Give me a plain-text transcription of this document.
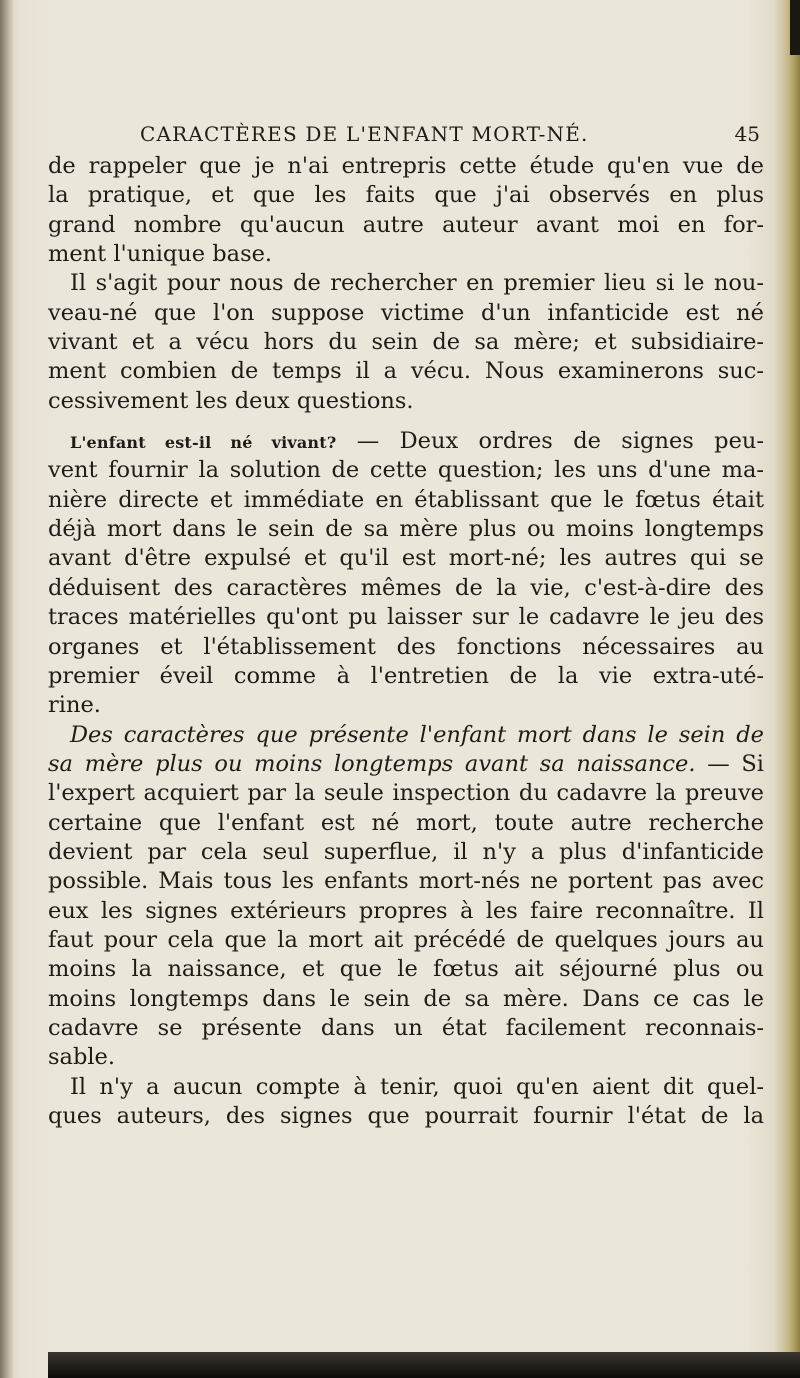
CARACTÈRES DE L'ENFANT MORT-NÉ.	45
de rappeler que je n'ai entrepris cette étude qu'en vue de
la pratique, et que les faits que j'ai observés en plus
grand nombre qu'aucun autre auteur avant moi en for-
ment l'unique base.
Il s'agit pour nous de rechercher en premier lieu si le nou-
veau-né que l'on suppose victime d'un infanticide est né
vivant et a vécu hors du sein de sa mère; et subsidiaire-
ment combien de temps il a vécu. Nous examinerons suc-
cessivement les deux questions.
L'enfant est-il né vivant? — Deux ordres de signes peu-
vent fournir la solution de cette question; les uns d'une ma-
nière directe et immédiate en établissant que le fœtus était
déjà mort dans le sein de sa mère plus ou moins longtemps
avant d'être expulsé et qu'il est mort-né; les autres qui se
déduisent des caractères mêmes de la vie, c'est-à-dire des
traces matérielles qu'ont pu laisser sur le cadavre le jeu des
organes et l'établissement des fonctions nécessaires au
premier éveil comme à l'entretien de la vie extra-uté-
rine.
Des caractères que présente l'enfant mort dans le sein de
sa mère plus ou moins longtemps avant sa naissance. — Si
l'expert acquiert par la seule inspection du cadavre la preuve
certaine que l'enfant est né mort, toute autre recherche
devient par cela seul superflue, il n'y a plus d'infanticide
possible. Mais tous les enfants mort-nés ne portent pas avec
eux les signes extérieurs propres à les faire reconnaître. Il
faut pour cela que la mort ait précédé de quelques jours au
moins la naissance, et que le fœtus ait séjourné plus ou
moins longtemps dans le sein de sa mère. Dans ce cas le
cadavre se présente dans un état facilement reconnais-
sable.
Il n'y a aucun compte à tenir, quoi qu'en aient dit quel-
ques auteurs, des signes que pourrait fournir l'état de la
